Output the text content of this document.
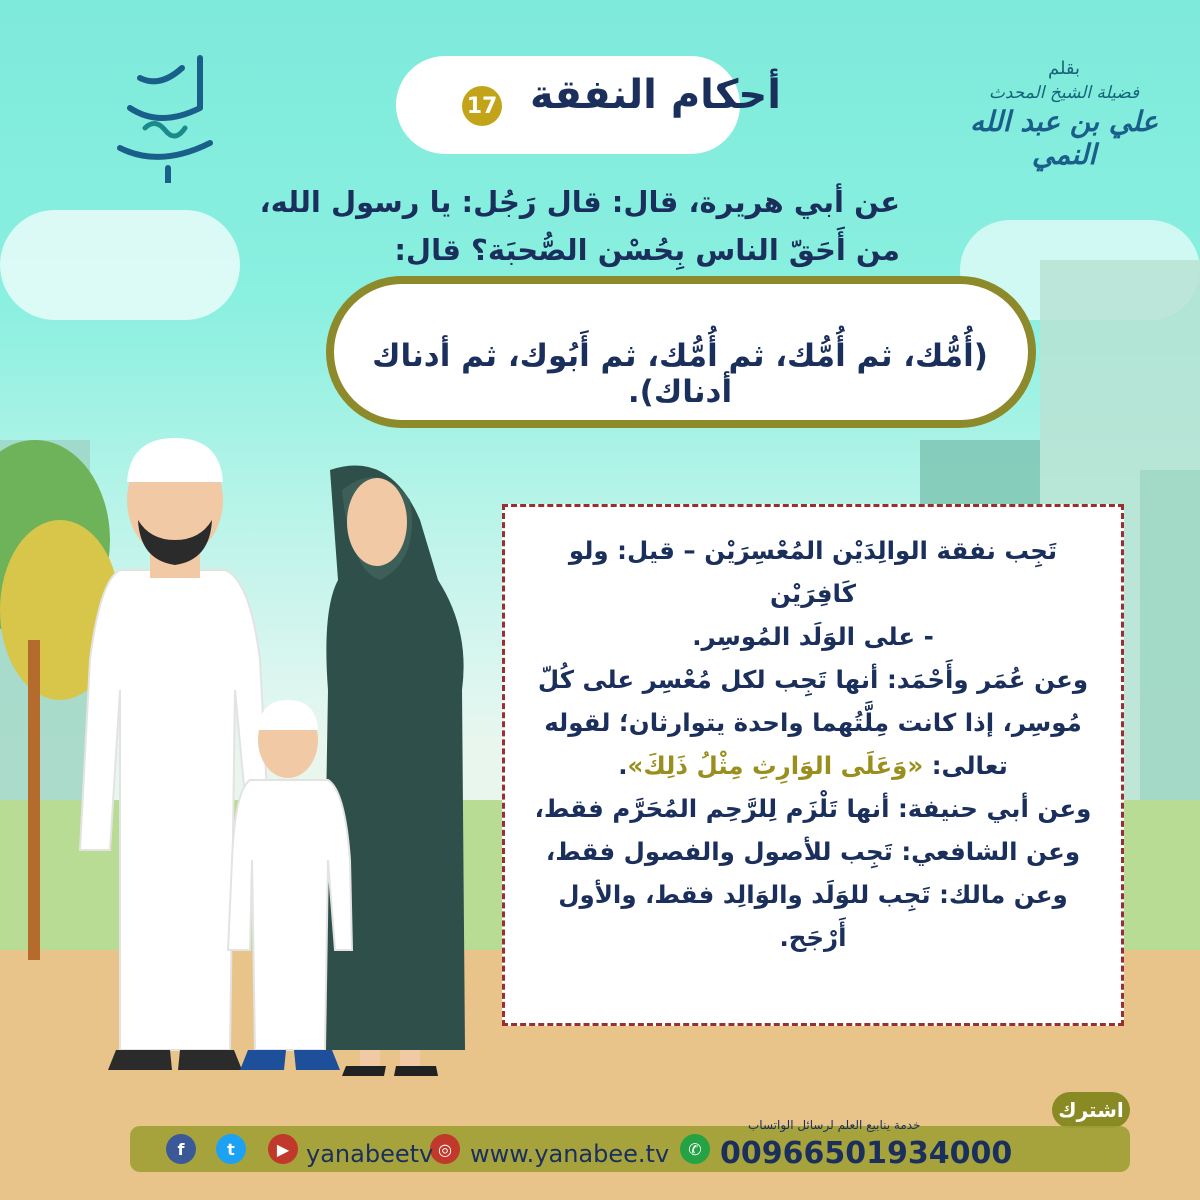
أحكام النفقة
17
بقلم
فضيلة الشيخ المحدث
علي بن عبد الله النمي
عن أبي هريرة، قال: قال رَجُل: يا رسول الله،
من أَحَقّ الناس بِحُسْن الصُّحبَة؟ قال:
(أُمُّك، ثم أُمُّك، ثم أُمُّك، ثم أَبُوك، ثم أدناك أدناك).

تَجِب نفقة الوالِدَيْن المُعْسِرَيْن – قيل: ولو كَافِرَيْن

- على الوَلَد المُوسِر.

وعن عُمَر وأَحْمَد: أنها تَجِب لكل مُعْسِر على كُلّ

مُوسِر، إذا كانت مِلَّتُهما واحدة يتوارثان؛ لقوله

تعالى: «وَعَلَى الوَارِثِ مِثْلُ ذَلِكَ».

وعن أبي حنيفة: أنها تَلْزَم لِلرَّحِم المُحَرَّم فقط،

وعن الشافعي: تَجِب للأصول والفصول فقط،

وعن مالك: تَجِب للوَلَد والوَالِد فقط، والأول أَرْجَح.

اشترك
خدمة ينابيع العلم لرسائل الواتساب
00966501934000
✆
www.yanabee.tv
◎
yanabeetv
▶
t
f
